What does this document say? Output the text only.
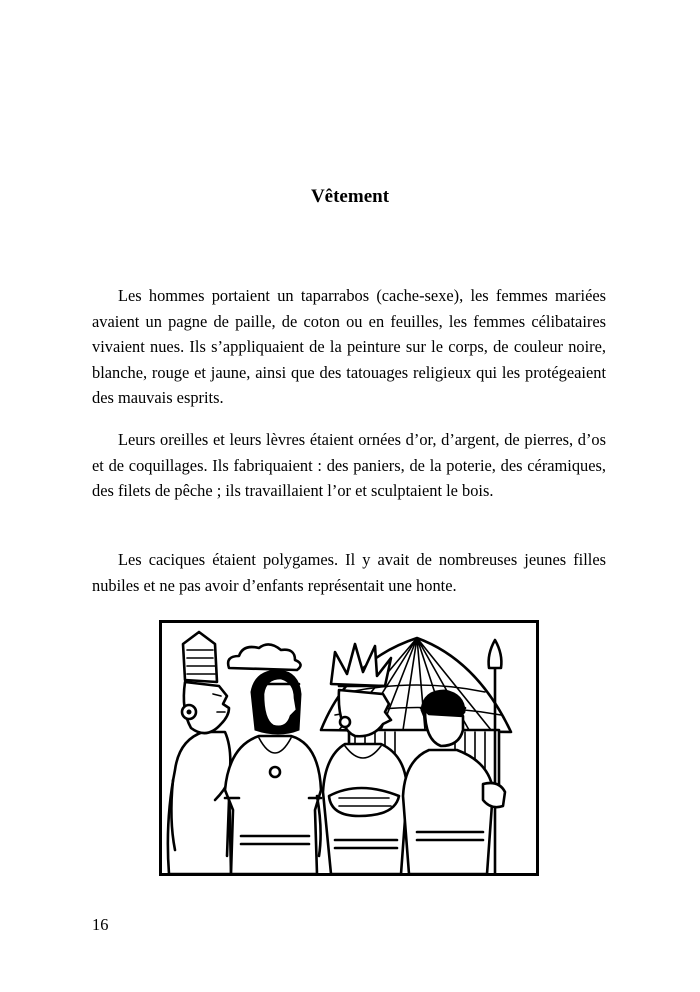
Vêtement

Les hommes portaient un taparrabos (cache-sexe), les femmes mariées avaient un pagne de paille, de coton ou en feuilles, les femmes célibataires vivaient nues. Ils s’appliquaient de la peinture sur le corps, de couleur noire, blanche, rouge et jaune, ainsi que des tatouages religieux qui les protégeaient des mauvais esprits.

Leurs oreilles et leurs lèvres étaient ornées d’or, d’argent, de pierres, d’os et de coquillages. Ils fabriquaient : des paniers, de la poterie, des céramiques, des filets de pêche ; ils travaillaient l’or et sculptaient le bois.

Les caciques étaient polygames. Il y avait de nombreuses jeunes filles nubiles et ne pas avoir d’enfants représentait une honte.

16
